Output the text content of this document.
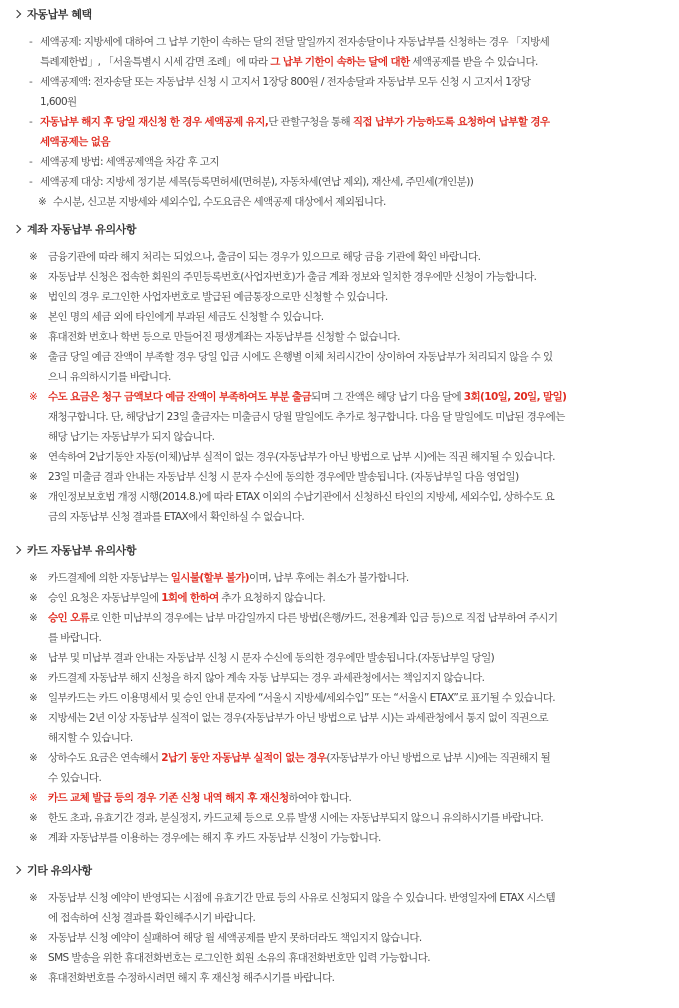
자동납부 혜택
- 세액공제: 지방세에 대하여 그 납부 기한이 속하는 달의 전달 말일까지 전자송달이나 자동납부를 신청하는 경우 「지방세
특례제한법」, 「서울특별시 시세 감면 조례」에 따라 그 납부 기한이 속하는 달에 대한 세액공제를 받을 수 있습니다.
- 세액공제액: 전자송달 또는 자동납부 신청 시 고지서 1장당 800원 / 전자송달과 자동납부 모두 신청 시 고지서 1장당
1,600원
- 자동납부 해지 후 당일 재신청 한 경우 세액공제 유지,단 관할구청을 통해 직접 납부가 가능하도록 요청하여 납부할 경우
세액공제는 없음
- 세액공제 방법: 세액공제액을 차감 후 고지
- 세액공제 대상: 지방세 정기분 세목(등록면허세(면허분), 자동차세(연납 제외), 재산세, 주민세(개인분))
※ 수시분, 신고분 지방세와 세외수입, 수도요금은 세액공제 대상에서 제외됩니다.
계좌 자동납부 유의사항
※ 금융기관에 따라 해지 처리는 되었으나, 출금이 되는 경우가 있으므로 해당 금융 기관에 확인 바랍니다.
※ 자동납부 신청은 접속한 회원의 주민등록번호(사업자번호)가 출금 계좌 정보와 일치한 경우에만 신청이 가능합니다.
※ 법인의 경우 로그인한 사업자번호로 발급된 예금통장으로만 신청할 수 있습니다.
※ 본인 명의 세금 외에 타인에게 부과된 세금도 신청할 수 있습니다.
※ 휴대전화 번호나 학번 등으로 만들어진 평생계좌는 자동납부를 신청할 수 없습니다.
※ 출금 당일 예금 잔액이 부족할 경우 당일 입금 시에도 은행별 이체 처리시간이 상이하여 자동납부가 처리되지 않을 수 있
으니 유의하시기를 바랍니다.
※ 수도 요금은 청구 금액보다 예금 잔액이 부족하여도 부분 출금되며 그 잔액은 해당 납기 다음 달에 3회(10일, 20일, 말일)
재청구합니다. 단, 해당납기 23일 출금자는 미출금시 당월 말일에도 추가로 청구합니다. 다음 달 말일에도 미납된 경우에는
해당 납기는 자동납부가 되지 않습니다.
※ 연속하여 2납기동안 자동(이체)납부 실적이 없는 경우(자동납부가 아닌 방법으로 납부 시)에는 직권 해지될 수 있습니다.
※ 23일 미출금 결과 안내는 자동납부 신청 시 문자 수신에 동의한 경우에만 발송됩니다. (자동납부일 다음 영업일)
※ 개인정보보호법 개정 시행(2014.8.)에 따라 ETAX 이외의 수납기관에서 신청하신 타인의 지방세, 세외수입, 상하수도 요
금의 자동납부 신청 결과를 ETAX에서 확인하실 수 없습니다.
카드 자동납부 유의사항
※ 카드결제에 의한 자동납부는 일시불(할부 불가)이며, 납부 후에는 취소가 불가합니다.
※ 승인 요청은 자동납부일에 1회에 한하여 추가 요청하지 않습니다.
※ 승인 오류로 인한 미납부의 경우에는 납부 마감일까지 다른 방법(은행/카드, 전용계좌 입금 등)으로 직접 납부하여 주시기
를 바랍니다.
※ 납부 및 미납부 결과 안내는 자동납부 신청 시 문자 수신에 동의한 경우에만 발송됩니다.(자동납부일 당일)
※ 카드결제 자동납부 해지 신청을 하지 않아 계속 자동 납부되는 경우 과세관청에서는 책임지지 않습니다.
※ 일부카드는 카드 이용명세서 및 승인 안내 문자에 “서울시 지방세/세외수입” 또는 “서울시 ETAX”로 표기될 수 있습니다.
※ 지방세는 2년 이상 자동납부 실적이 없는 경우(자동납부가 아닌 방법으로 납부 시)는 과세관청에서 통지 없이 직권으로
해지할 수 있습니다.
※ 상하수도 요금은 연속해서 2납기 동안 자동납부 실적이 없는 경우(자동납부가 아닌 방법으로 납부 시)에는 직권해지 될
수 있습니다.
※ 카드 교체 발급 등의 경우 기존 신청 내역 해지 후 재신청하여야 합니다.
※ 한도 초과, 유효기간 경과, 분실정지, 카드교체 등으로 오류 발생 시에는 자동납부되지 않으니 유의하시기를 바랍니다.
※ 계좌 자동납부를 이용하는 경우에는 해지 후 카드 자동납부 신청이 가능합니다.
기타 유의사항
※ 자동납부 신청 예약이 반영되는 시점에 유효기간 만료 등의 사유로 신청되지 않을 수 있습니다. 반영일자에 ETAX 시스템
에 접속하여 신청 결과를 확인해주시기 바랍니다.
※ 자동납부 신청 예약이 실패하여 해당 월 세액공제를 받지 못하더라도 책임지지 않습니다.
※ SMS 발송을 위한 휴대전화번호는 로그인한 회원 소유의 휴대전화번호만 입력 가능합니다.
※ 휴대전화번호를 수정하시려면 해지 후 재신청 해주시기를 바랍니다.
